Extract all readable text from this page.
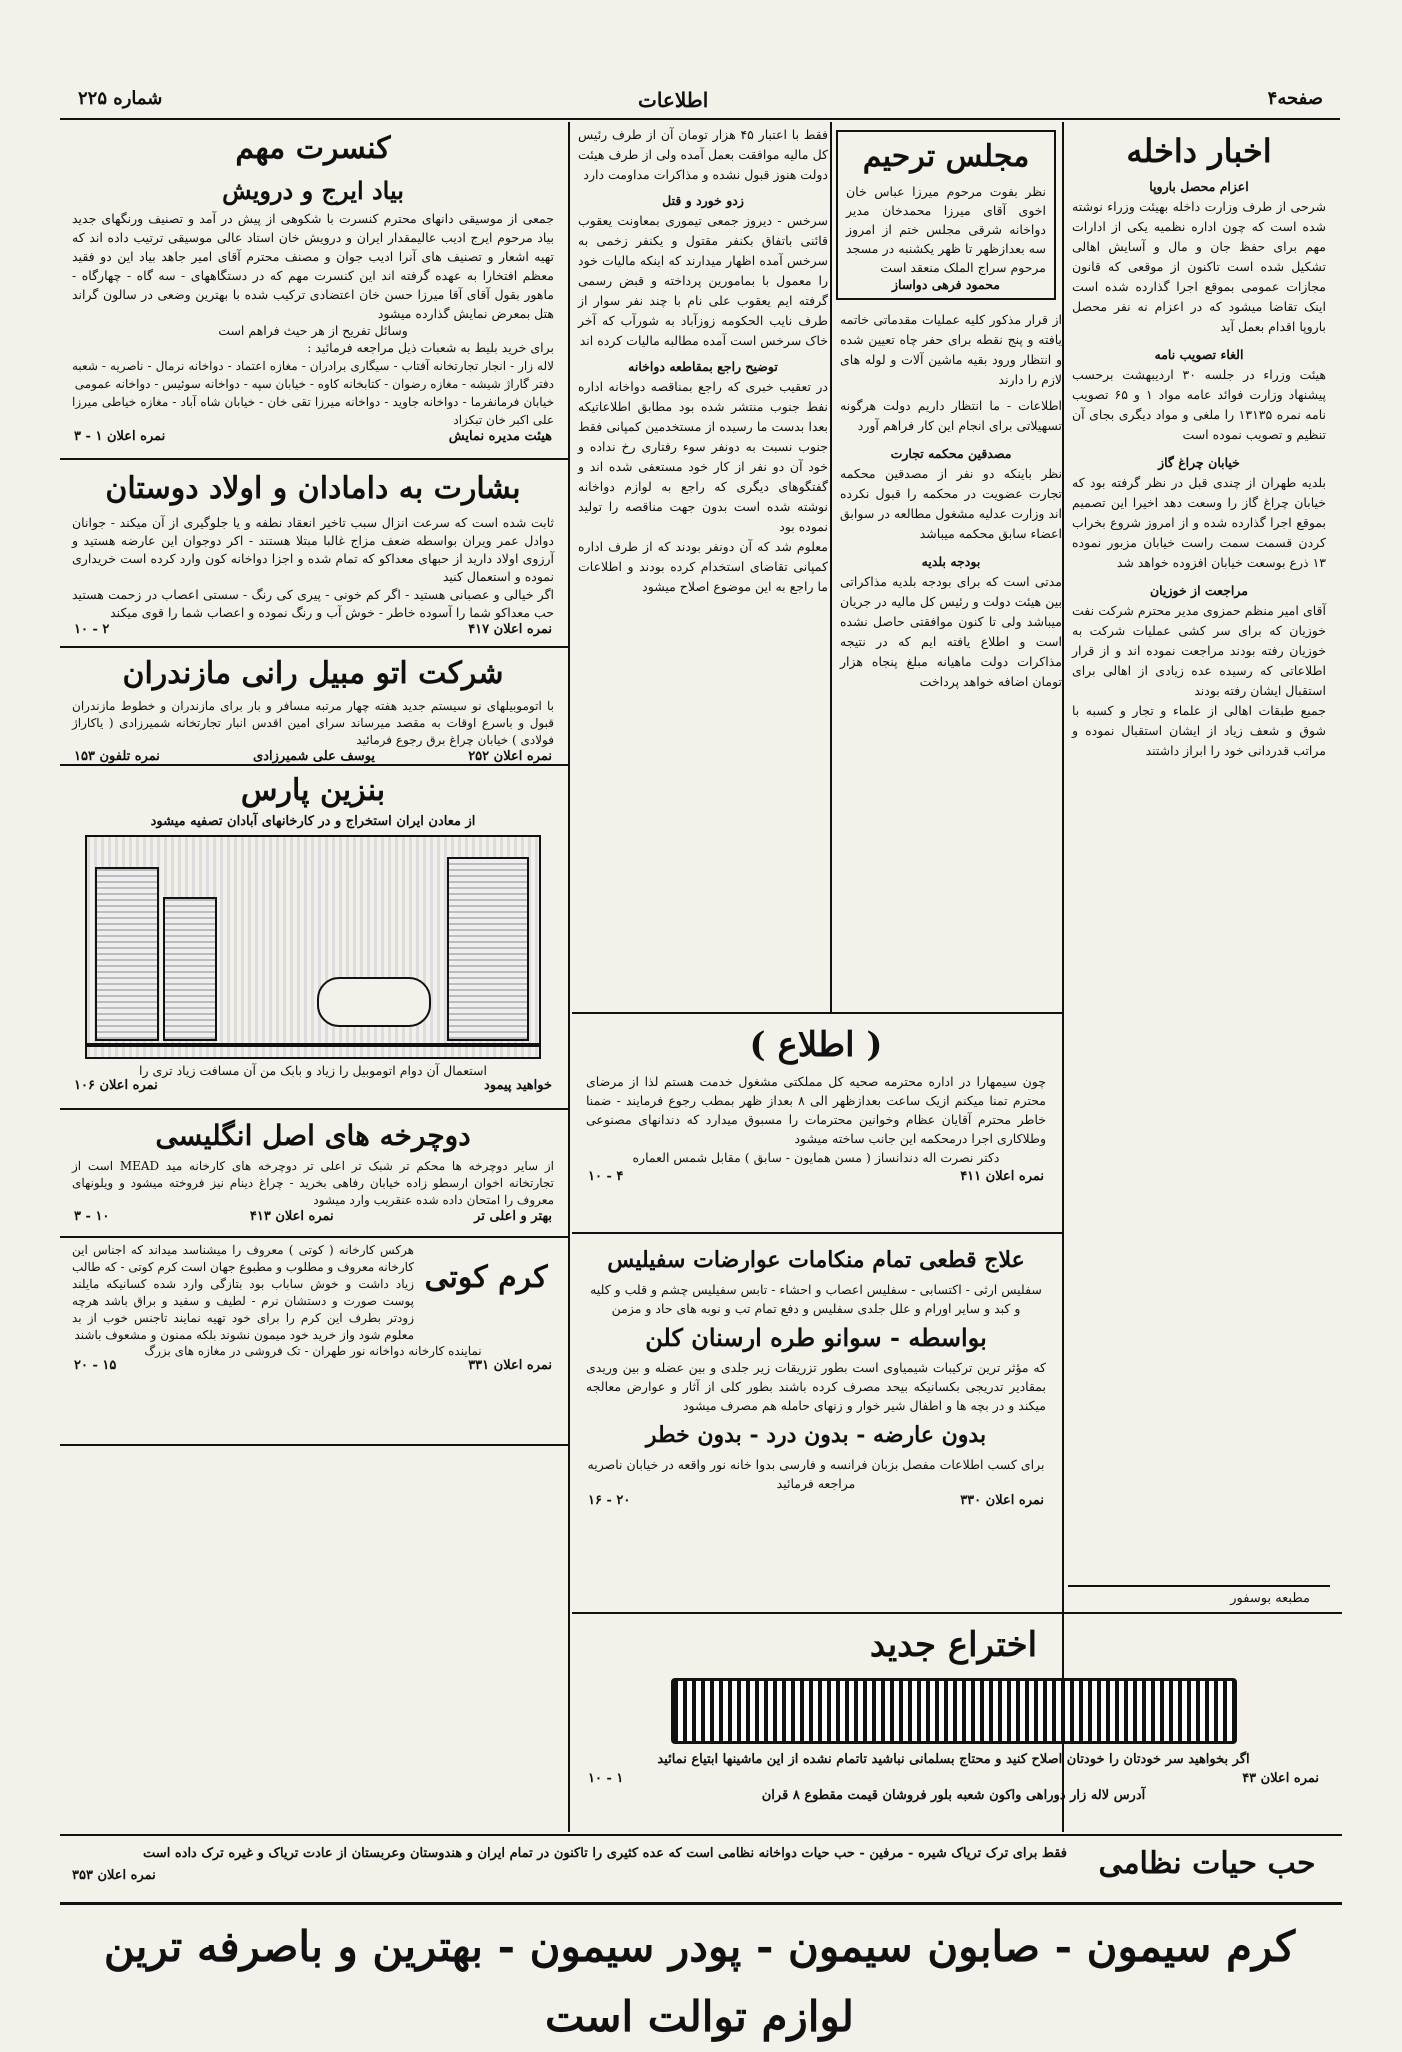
صفحه۴
اطلاعات
شماره ۲۲۵
اخبار داخله

اعزام محصل باروپا

شرحی از طرف وزارت داخله بهیئت وزراء نوشته شده است که چون اداره نظمیه یکی از ادارات مهم برای حفظ جان و مال و آسایش اهالی تشکیل شده است تاکنون از موقعی که قانون مجازات عمومی بموقع اجرا گذارده شده است اینک تقاضا میشود که در اعزام نه نفر محصل باروپا اقدام بعمل آید

الغاء تصویب نامه

هیئت وزراء در جلسه ۳۰ اردیبهشت برحسب پیشنهاد وزارت فوائد عامه مواد ۱ و ۶۵ تصویب نامه نمره ۱۳۱۳۵ را ملغی و مواد دیگری بجای آن تنظیم و تصویب نموده است

خیابان چراغ گاز

بلدیه طهران از چندی قبل در نظر گرفته بود که خیابان چراغ گاز را وسعت دهد اخیرا این تصمیم بموقع اجرا گذارده شده و از امروز شروع بخراب کردن قسمت سمت راست خیابان مزبور نموده ۱۳ ذرع بوسعت خیابان افزوده خواهد شد

مراجعت از خوزیان

آقای امیر منظم حمزوی مدیر محترم شرکت نفت خوزیان که برای سر کشی عملیات شرکت به خوزیان رفته بودند مراجعت نموده اند و از قرار اطلاعاتی که رسیده عده زیادی از اهالی برای استقبال ایشان رفته بودند

جمیع طبقات اهالی از علماء و تجار و کسبه با شوق و شعف زیاد از ایشان استقبال نموده و مراتب قدردانی خود را ابراز داشتند

مطبعه بوسفور
مجلس ترحیم

نظر بفوت مرحوم میرزا عباس خان اخوی آقای میرزا محمدخان مدیر دواخانه شرقی مجلس ختم از امروز سه بعدازظهر تا ظهر یکشنبه در مسجد مرحوم سراج الملک منعقد است

محمود فرهی دواساز

از قرار مذکور کلیه عملیات مقدماتی خاتمه یافته و پنج نقطه برای حفر چاه تعیین شده و انتظار ورود بقیه ماشین آلات و لوله های لازم را دارند

اطلاعات - ما انتظار داریم دولت هرگونه تسهیلاتی برای انجام این کار فراهم آورد

مصدقین محکمه تجارت

نظر باینکه دو نفر از مصدقین محکمه تجارت عضویت در محکمه را قبول نکرده اند وزارت عدلیه مشغول مطالعه در سوابق اعضاء سابق محکمه میباشد

بودجه بلدیه

مدتی است که برای بودجه بلدیه مذاکراتی بین هیئت دولت و رئیس کل مالیه در جریان میباشد ولی تا کنون موافقتی حاصل نشده است و اطلاع یافته ایم که در نتیجه مذاکرات دولت ماهیانه مبلغ پنجاه هزار تومان اضافه خواهد پرداخت

فقط با اعتبار ۴۵ هزار تومان آن از طرف رئیس کل مالیه موافقت بعمل آمده ولی از طرف هیئت دولت هنوز قبول نشده و مذاکرات مداومت دارد

زدو خورد و قتل

سرخس - دیروز جمعی تیموری بمعاونت یعقوب قائنی باتفاق بکنفر مقتول و یکنفر زخمی به سرخس آمده اظهار میدارند که اینکه مالیات خود را معمول با بمامورین پرداخته و قبض رسمی گرفته ایم یعقوب علی نام با چند نفر سوار از طرف نایب الحکومه زوزآباد به شورآب که آخر خاک سرخس است آمده مطالبه مالیات کرده اند

توضیح راجع بمقاطعه دواخانه

در تعقیب خبری که راجع بمناقصه دواخانه اداره نفط جنوب منتشر شده بود مطابق اطلاعاتیکه بعدا بدست ما رسیده از مستخدمین کمپانی فقط جنوب نسبت به دونفر سوء رفتاری رخ نداده و خود آن دو نفر از کار خود مستعفی شده اند و گفتگوهای دیگری که راجع به لوازم دواخانه نوشته شده است بدون جهت مناقصه را تولید نموده بود

معلوم شد که آن دونفر بودند که از طرف اداره کمپانی تقاضای استخدام کرده بودند و اطلاعات ما راجع به این موضوع اصلاح میشود

( اطلاع )

چون سیمهارا در اداره محترمه صحیه کل مملکتی مشغول خدمت هستم لذا از مرضای محترم تمنا میکنم ازیک ساعت بعدازظهر الی ۸ بعداز ظهر بمطب رجوع فرمایند - ضمنا خاطر محترم آقایان عظام وخوانین محترمات را مسبوق میدارد که دندانهای مصنوعی وطلاکاری اجرا درمحکمه این جانب ساخته میشود

دکتر نصرت اله دندانساز ( مسن همایون - سابق ) مقابل شمس العماره

نمره اعلان ۴۱۱
۴ - ۱۰
علاج قطعی تمام منکامات عوارضات سفیلیس

سفلیس ارثی - اکتسابی - سفلیس اعصاب و احشاء - تابس سفیلیس چشم و قلب و کلیه و کبد و سایر اورام و علل جلدی سفلیس و دفع تمام تب و نوبه های حاد و مزمن

بواسطه - سوانو طره ارسنان کلن

که مؤثر ترین ترکیبات شیمیاوی است بطور تزریقات زیر جلدی و بین عضله و بین وریدی بمقادیر تدریجی بکسانیکه بیحد مصرف کرده باشند بطور کلی از آثار و عوارض معالجه میکند و در بچه ها و اطفال شیر خوار و زنهای حامله هم مصرف میشود

بدون عارضه - بدون درد - بدون خطر

برای کسب اطلاعات مفصل بزبان فرانسه و فارسی بدوا خانه نور واقعه در خیابان ناصریه مراجعه فرمائید

نمره اعلان ۳۳۰
۲۰ - ۱۶
اختراع جدید

اگر بخواهید سر خودتان را خودتان اصلاح کنید و محتاج بسلمانی نباشید تاتمام نشده از این ماشینها ابتیاع نمائید

نمره اعلان ۴۳
۱ - ۱۰

آدرس لاله زار دوراهی واکون شعبه بلور فروشان قیمت مقطوع ۸ قران

کنسرت مهم
بیاد ایرج و درویش

جمعی از موسیقی دانهای محترم کنسرت با شکوهی از پیش در آمد و تصنیف ورنگهای جدید بیاد مرحوم ایرج ادیب عالیمقدار ایران و درویش خان استاد عالی موسیقی ترتیب داده اند که تهیه اشعار و تصنیف های آنرا ادیب جوان و مصنف محترم آقای امیر جاهد بیاد این دو فقید معظم افتخارا به عهده گرفته اند این کنسرت مهم که در دستگاههای - سه گاه - چهارگاه - ماهور بقول آقای آقا میرزا حسن خان اعتضادی ترکیب شده با بهترین وضعی در سالون گراند هتل بمعرض نمایش گذارده میشود

وسائل تفریح از هر حیث فراهم است

برای خرید بلیط به شعبات ذیل مراجعه فرمائید :

لاله زار - انجار تجارتخانه آفتاب - سیگاری برادران - مغازه اعتماد - دواخانه نرمال - ناصریه - شعبه دفتر گاراژ شیشه - مغازه رضوان - کتابخانه کاوه - خیابان سپه - دواخانه سوئیس - دواخانه عمومی

خیابان فرمانفرما - دواخانه جاوید - دواخانه میرزا تقی خان - خیابان شاه آباد - مغازه خیاطی میرزا علی اکبر خان تبکزاد

هیئت مدیره نمایش
نمره اعلان ۱ - ۳
بشارت به دامادان و اولاد دوستان

ثابت شده است که سرعت انزال سبب تاخیر انعقاد نطفه و یا جلوگیری از آن میکند - جوانان دوادل عمر ویران بواسطه ضعف مزاج غالبا مبتلا هستند - اکر دوجوان این عارضه هستید و آرزوی اولاد دارید از حبهای معداکو که تمام شده و اجزا دواخانه کون وارد کرده است خریداری نموده و استعمال کنید

اگر خیالی و عصبانی هستید - اگر کم خونی - پیری کی رنگ - سستی اعصاب در زحمت هستید حب معداکو شما را آسوده خاطر - خوش آب و رنگ نموده و اعصاب شما را قوی میکند

نمره اعلان ۴۱۷
۲ - ۱۰
شرکت اتو مبیل رانی مازندران

با اتوموبیلهای نو سیستم جدید هفته چهار مرتبه مسافر و بار برای مازندران و خطوط مازندران قبول و باسرع اوقات به مقصد میرساند سرای امین اقدس انبار تجارتخانه شمیرزادی ( یاکاراژ فولادی ) خیابان چراغ برق رجوع فرمائید

نمره اعلان ۲۵۲
یوسف علی شمیرزادی
نمره تلفون ۱۵۳
بنزین پارس

از معادن ایران استخراج و در کارخانهای آبادان تصفیه میشود

استعمال آن دوام اتوموبیل را زیاد و بابک من آن مسافت زیاد تری را

خواهید پیمود
نمره اعلان ۱۰۶
دوچرخه های اصل انگلیسی

از سایر دوچرخه ها محکم تر شبک تر اعلی تر دوچرخه های کارخانه مید MEAD است از تجارتخانه اخوان ارسطو زاده خیابان رفاهی بخرید - چراغ دینام نیز فروخته میشود و ویلونهای معروف را امتحان داده شده عنقریب وارد میشود

بهتر و اعلی تر
نمره اعلان ۴۱۳
۱۰ - ۳
کرم کوتی

هرکس کارخانه ( کوتی ) معروف را میشناسد میداند که اجناس این کارخانه معروف و مطلوب و مطبوع جهان است کرم کوتی - که طالب زیاد داشت و خوش ساباب بود بتازگی وارد شده کسانیکه مایلند پوست صورت و دستشان نرم - لطیف و سفید و براق باشد هرچه زودتر بطرف این کرم را برای خود تهیه نمایند تاجنس خوب از بد معلوم شود واز خرید خود میمون نشوند بلکه ممنون و مشعوف باشند

نماینده کارخانه دواخانه نور طهران - تک فروشی در مغازه های بزرگ

نمره اعلان ۳۳۱
۱۵ - ۲۰
حب حیات نظامی

فقط برای ترک تریاک شیره - مرفین - حب حیات دواخانه نظامی است که عده کثیری را تاکنون در تمام ایران و هندوستان وعربستان از عادت تریاک و غیره ترک داده است

نمره اعلان ۳۵۳

کرم سیمون - صابون سیمون - پودر سیمون - بهترین و باصرفه ترین لوازم توالت است
